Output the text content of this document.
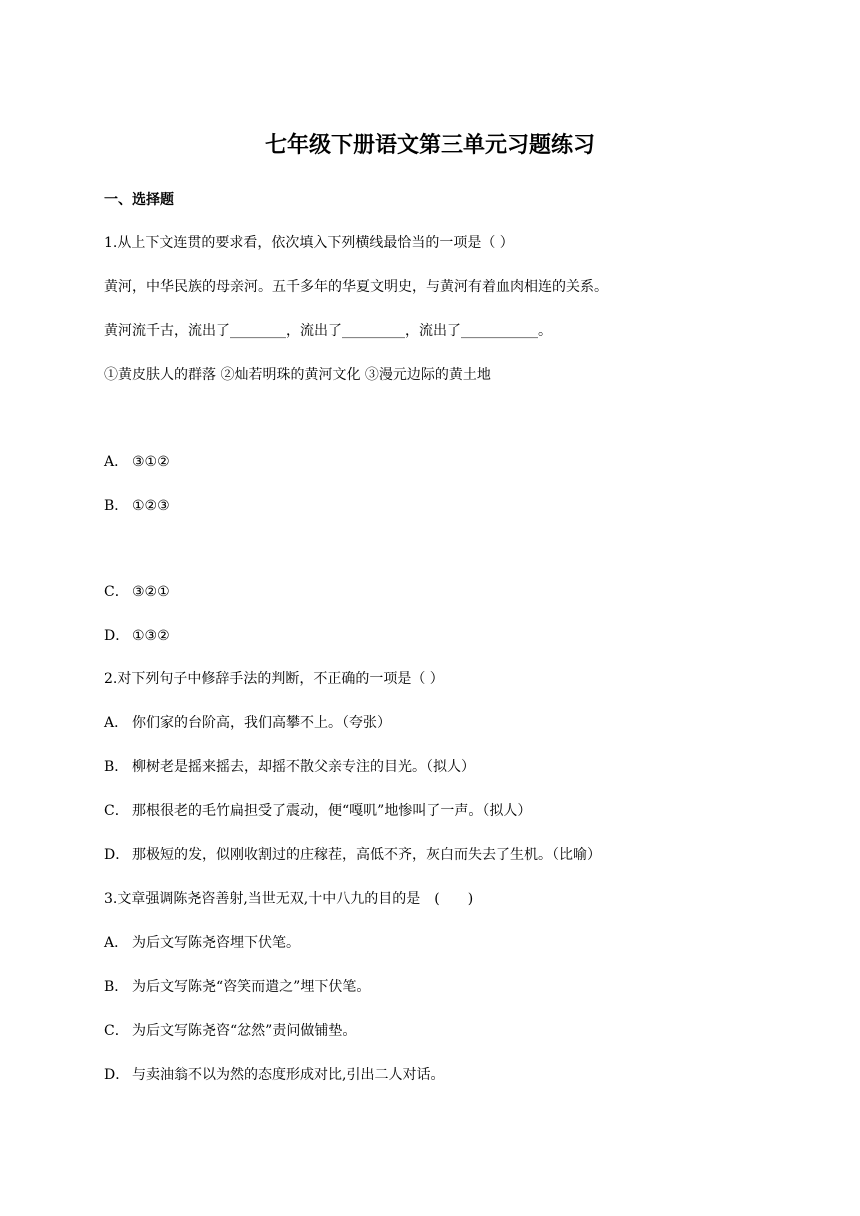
七年级下册语文第三单元习题练习
一、选择题
1.从上下文连贯的要求看，依次填入下列横线最恰当的一项是（ ）
黄河，中华民族的母亲河。五千多年的华夏文明史，与黄河有着血肉相连的关系。
黄河流千古，流出了________，流出了_________，流出了___________。
①黄皮肤人的群落 ②灿若明珠的黄河文化 ③漫元边际的黄土地
A． ③①②
B． ①②③
C． ③②①
D． ①③②
2.对下列句子中修辞手法的判断，不正确的一项是（ ）
A． 你们家的台阶高，我们高攀不上。（夸张）
B． 柳树老是摇来摇去，却摇不散父亲专注的目光。（拟人）
C． 那根很老的毛竹扁担受了震动，便“嘎叽”地惨叫了一声。（拟人）
D． 那极短的发，似刚收割过的庄稼茬，高低不齐，灰白而失去了生机。（比喻）
3.文章强调陈尧咨善射,当世无双,十中八九的目的是　(　　)
A． 为后文写陈尧咨埋下伏笔。
B． 为后文写陈尧“咨笑而遣之”埋下伏笔。
C． 为后文写陈尧咨“忿然”责问做铺垫。
D． 与卖油翁不以为然的态度形成对比,引出二人对话。
